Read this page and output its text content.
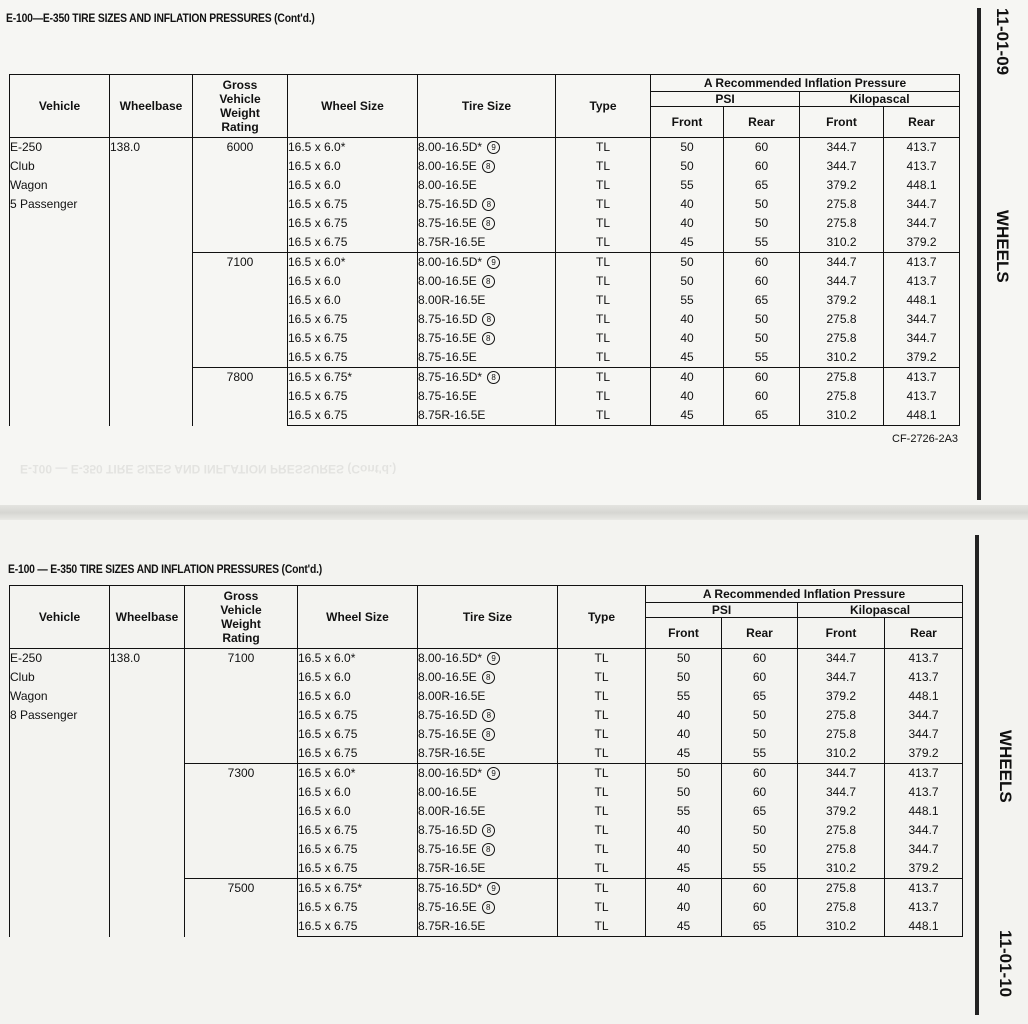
E-100 — E-350 TIRE SIZES AND INFLATION PRESSURES (Cont'd.)
E-100—E-350 TIRE SIZES AND INFLATION PRESSURES (Cont'd.)
Vehicle	Wheelbase	Gross Vehicle Weight Rating	Wheel Size	Tire Size	Type	A Recommended Inflation Pressure			
						PSI		Kilopascal	
						Front	Rear	Front	Rear

E-250
Club
Wagon
5 Passenger	138.0	6000	16.5 x 6.0*	8.00-16.5D* 9	TL	50	60	344.7	413.7
			16.5 x 6.0	8.00-16.5E 8	TL	50	60	344.7	413.7
			16.5 x 6.0	8.00-16.5E	TL	55	65	379.2	448.1
			16.5 x 6.75	8.75-16.5D 8	TL	40	50	275.8	344.7
			16.5 x 6.75	8.75-16.5E 8	TL	40	50	275.8	344.7
			16.5 x 6.75	8.75R-16.5E	TL	45	55	310.2	379.2
		7100	16.5 x 6.0*	8.00-16.5D* 9	TL	50	60	344.7	413.7
			16.5 x 6.0	8.00-16.5E 8	TL	50	60	344.7	413.7
			16.5 x 6.0	8.00R-16.5E	TL	55	65	379.2	448.1
			16.5 x 6.75	8.75-16.5D 8	TL	40	50	275.8	344.7
			16.5 x 6.75	8.75-16.5E 8	TL	40	50	275.8	344.7
			16.5 x 6.75	8.75-16.5E	TL	45	55	310.2	379.2
		7800	16.5 x 6.75*	8.75-16.5D* 8	TL	40	60	275.8	413.7
			16.5 x 6.75	8.75-16.5E	TL	40	60	275.8	413.7
			16.5 x 6.75	8.75R-16.5E	TL	45	65	310.2	448.1
CF-2726-2A3
11-01-09
WHEELS
E-100 — E-350 TIRE SIZES AND INFLATION PRESSURES (Cont'd.)
Vehicle	Wheelbase	Gross Vehicle Weight Rating	Wheel Size	Tire Size	Type	A Recommended Inflation Pressure			
						PSI		Kilopascal	
						Front	Rear	Front	Rear

E-250
Club
Wagon
8 Passenger	138.0	7100	16.5 x 6.0*	8.00-16.5D* 9	TL	50	60	344.7	413.7
			16.5 x 6.0	8.00-16.5E 8	TL	50	60	344.7	413.7
			16.5 x 6.0	8.00R-16.5E	TL	55	65	379.2	448.1
			16.5 x 6.75	8.75-16.5D 8	TL	40	50	275.8	344.7
			16.5 x 6.75	8.75-16.5E 8	TL	40	50	275.8	344.7
			16.5 x 6.75	8.75R-16.5E	TL	45	55	310.2	379.2
		7300	16.5 x 6.0*	8.00-16.5D* 9	TL	50	60	344.7	413.7
			16.5 x 6.0	8.00-16.5E	TL	50	60	344.7	413.7
			16.5 x 6.0	8.00R-16.5E	TL	55	65	379.2	448.1
			16.5 x 6.75	8.75-16.5D 8	TL	40	50	275.8	344.7
			16.5 x 6.75	8.75-16.5E 8	TL	40	50	275.8	344.7
			16.5 x 6.75	8.75R-16.5E	TL	45	55	310.2	379.2
		7500	16.5 x 6.75*	8.75-16.5D* 9	TL	40	60	275.8	413.7
			16.5 x 6.75	8.75-16.5E 8	TL	40	60	275.8	413.7
			16.5 x 6.75	8.75R-16.5E	TL	45	65	310.2	448.1
WHEELS
11-01-10
